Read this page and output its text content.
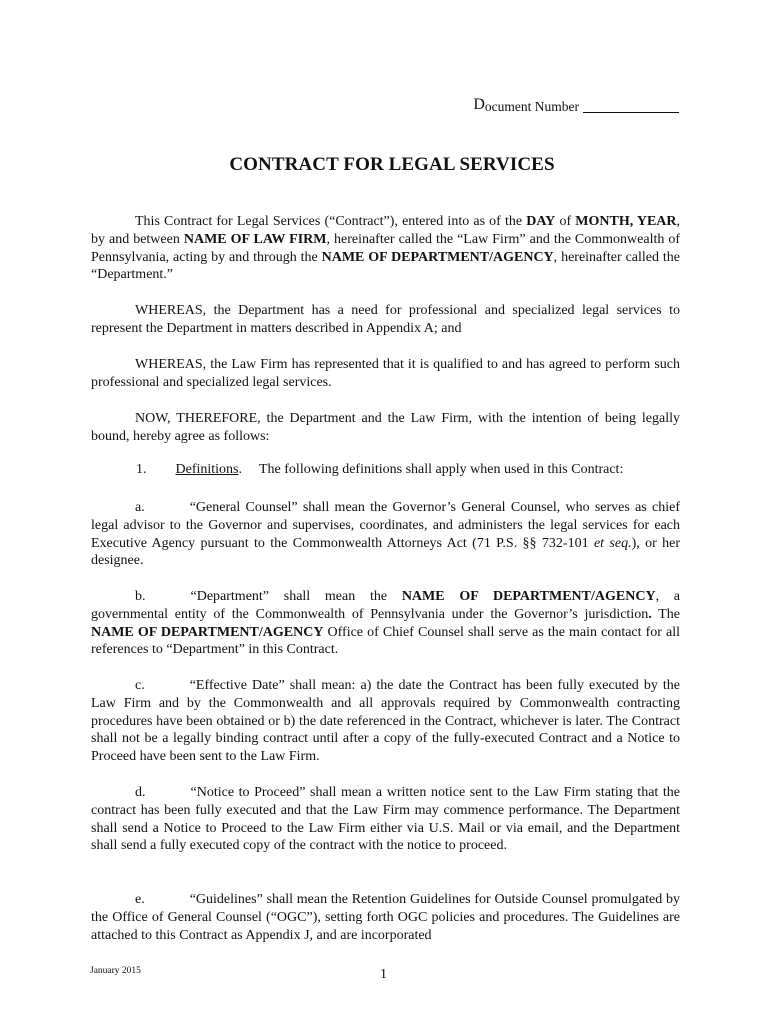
Document Number
CONTRACT FOR LEGAL SERVICES

This Contract for Legal Services (“Contract”), entered into as of the DAY of MONTH, YEAR, by and between NAME OF LAW FIRM, hereinafter called the “Law Firm” and the Commonwealth of Pennsylvania, acting by and through the NAME OF DEPARTMENT/AGENCY, hereinafter called the “Department.”

WHEREAS, the Department has a need for professional and specialized legal services to represent the Department in matters described in Appendix A; and

WHEREAS, the Law Firm has represented that it is qualified to and has agreed to perform such professional and specialized legal services.

NOW, THEREFORE, the Department and the Law Firm, with the intention of being legally bound, hereby agree as follows:

1. Definitions. The following definitions shall apply when used in this Contract:

a.	“General Counsel” shall mean the Governor’s General Counsel, who serves as chief legal advisor to the Governor and supervises, coordinates, and administers the legal services for each Executive Agency pursuant to the Commonwealth Attorneys Act (71 P.S. §§ 732-101 et seq.), or her designee.

b.	“Department” shall mean the NAME OF DEPARTMENT/AGENCY, a governmental entity of the Commonwealth of Pennsylvania under the Governor’s jurisdiction. The NAME OF DEPARTMENT/AGENCY Office of Chief Counsel shall serve as the main contact for all references to “Department” in this Contract.

c.	“Effective Date” shall mean: a) the date the Contract has been fully executed by the Law Firm and by the Commonwealth and all approvals required by Commonwealth contracting procedures have been obtained or b) the date referenced in the Contract, whichever is later. The Contract shall not be a legally binding contract until after a copy of the fully-executed Contract and a Notice to Proceed have been sent to the Law Firm.

d.	“Notice to Proceed” shall mean a written notice sent to the Law Firm stating that the contract has been fully executed and that the Law Firm may commence performance. The Department shall send a Notice to Proceed to the Law Firm either via U.S. Mail or via email, and the Department shall send a fully executed copy of the contract with the notice to proceed.

e.	“Guidelines” shall mean the Retention Guidelines for Outside Counsel promulgated by the Office of General Counsel (“OGC”), setting forth OGC policies and procedures. The Guidelines are attached to this Contract as Appendix J, and are incorporated

January 2015	1
